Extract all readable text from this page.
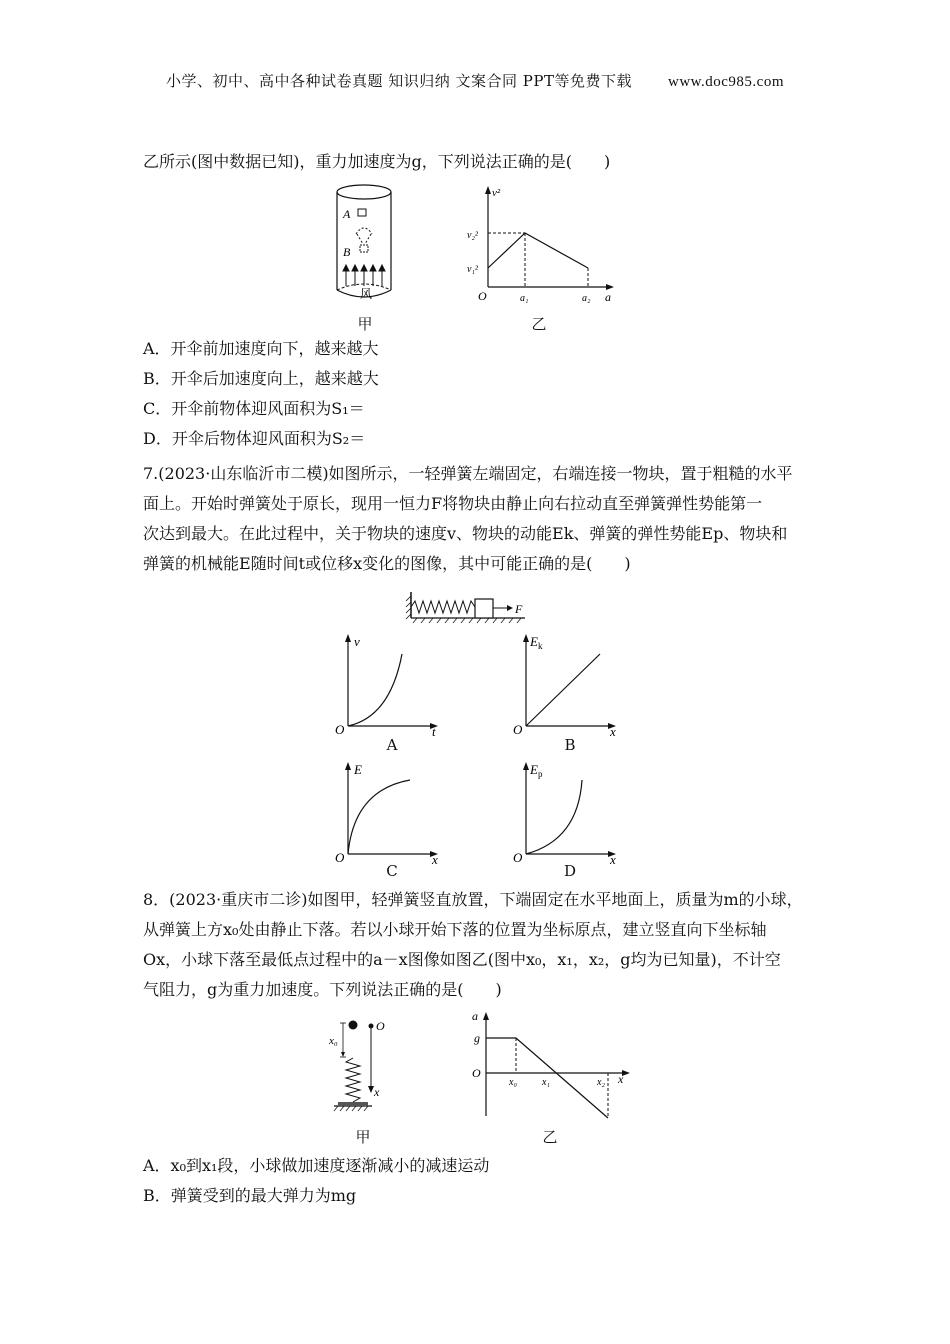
小学、初中、高中各种试卷真题 知识归纳 文案合同 PPT等免费下载 www.doc985.com
乙所示(图中数据已知)，重力加速度为g，下列说法正确的是(　　)
A
B
风
甲
v²
a
O
v₂²
v₁²
a₁	a₂
乙
A．开伞前加速度向下，越来越大
B．开伞后加速度向上，越来越大
C．开伞前物体迎风面积为S₁＝
D．开伞后物体迎风面积为S₂＝
7.(2023·山东临沂市二模)如图所示，一轻弹簧左端固定，右端连接一物块，置于粗糙的水平
面上。开始时弹簧处于原长，现用一恒力F将物块由静止向右拉动直至弹簧弹性势能第一
次达到最大。在此过程中，关于物块的速度v、物块的动能Ek、弹簧的弹性势能Ep、物块和
弹簧的机械能E随时间t或位移x变化的图像，其中可能正确的是(　　)
F
v
t
O
A
$E_k$
x
O
B
E
x
O
C
$E_p$
x
O
D
8．(2023·重庆市二诊)如图甲，轻弹簧竖直放置，下端固定在水平地面上，质量为m的小球，
从弹簧上方x₀处由静止下落。若以小球开始下落的位置为坐标原点，建立竖直向下坐标轴
Ox，小球下落至最低点过程中的a－x图像如图乙(图中x₀，x₁，x₂，g均为已知量)，不计空
气阻力，g为重力加速度。下列说法正确的是(　　)
x₀
O
x
甲
a
g
O
x₀	x₁	x₂ x
乙
A．x₀到x₁段，小球做加速度逐渐减小的减速运动
B．弹簧受到的最大弹力为mg
